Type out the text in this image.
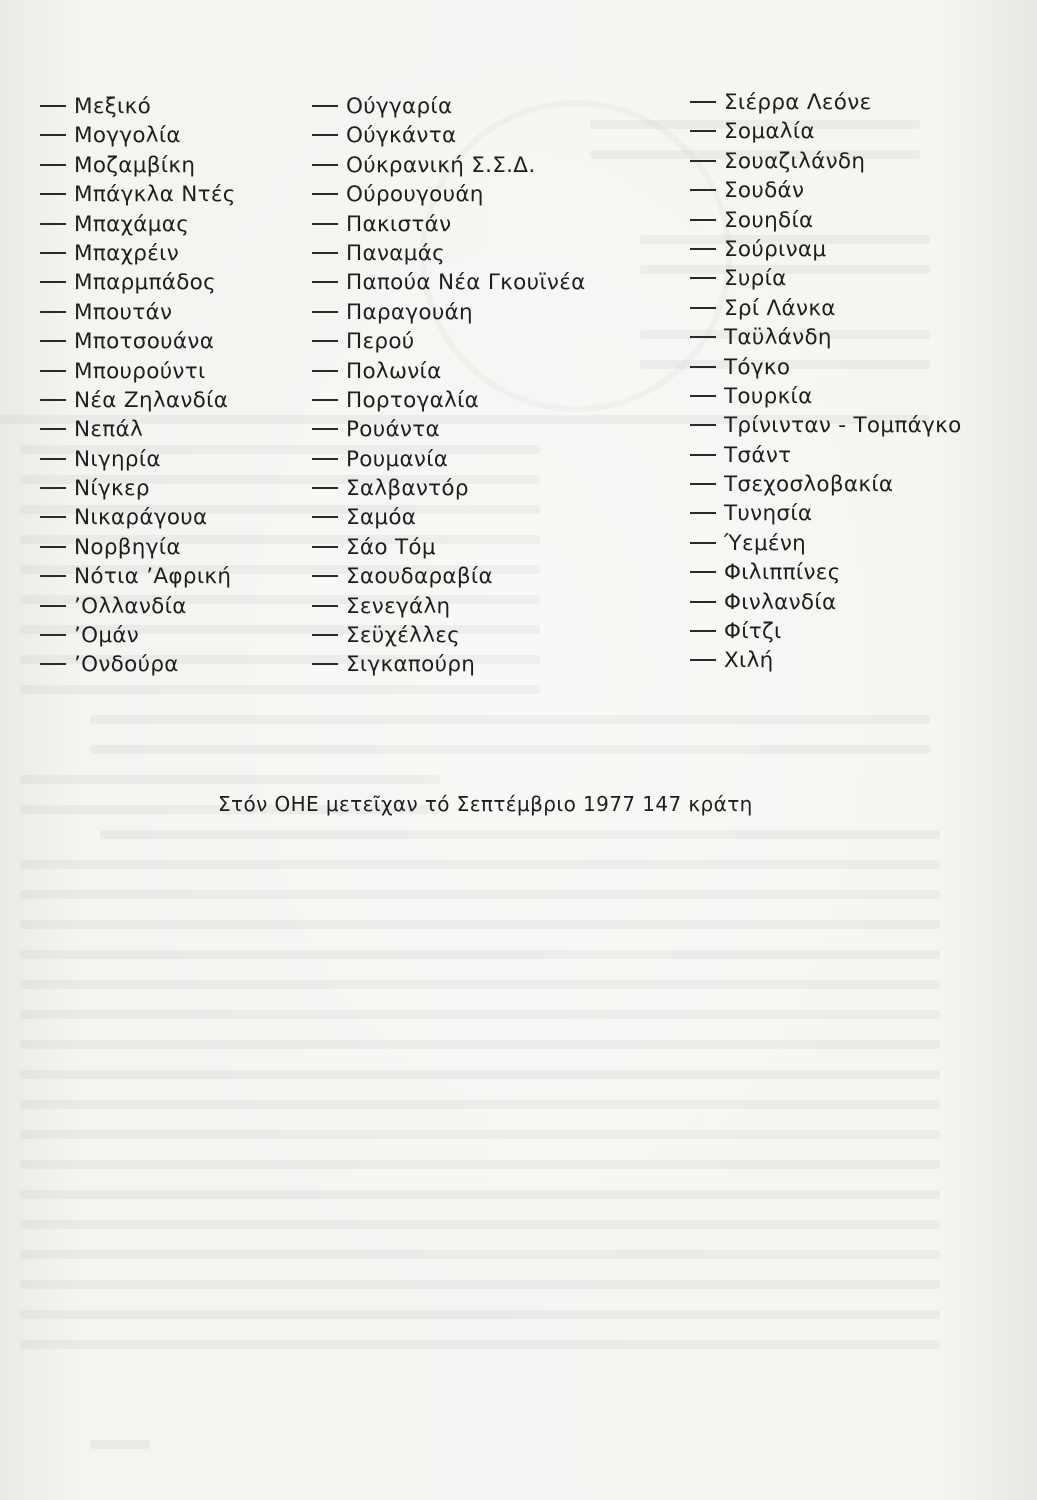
Μεξικό
Μογγολία
Μοζαμβίκη
Μπάγκλα Ντές
Μπαχάμας
Μπαχρέιν
Μπαρμπάδος
Μπουτάν
Μποτσουάνα
Μπουρούντι
Νέα Ζηλανδία
Νεπάλ
Νιγηρία
Νίγκερ
Νικαράγουα
Νορβηγία
Νότια ’Αφρική
’Ολλανδία
’Ομάν
’Ονδούρα
Ούγγαρία
Ούγκάντα
Ούκρανική Σ.Σ.Δ.
Ούρουγουάη
Πακιστάν
Παναμάς
Παπούα Νέα Γκουϊνέα
Παραγουάη
Περού
Πολωνία
Πορτογαλία
Ρουάντα
Ρουμανία
Σαλβαντόρ
Σαμόα
Σάο Τόμ
Σαουδαραβία
Σενεγάλη
Σεϋχέλλες
Σιγκαπούρη
Σιέρρα Λεόνε
Σομαλία
Σουαζιλάνδη
Σουδάν
Σουηδία
Σούριναμ
Συρία
Σρί Λάνκα
Ταϋλάνδη
Τόγκο
Τουρκία
Τρίνινταν - Τομπάγκο
Τσάντ
Τσεχοσλοβακία
Τυνησία
Ύεμένη
Φιλιππίνες
Φινλανδία
Φίτζι
Χιλή
Στόν ΟΗΕ μετεῖχαν τό Σεπτέμβριο 1977 147 κράτη
